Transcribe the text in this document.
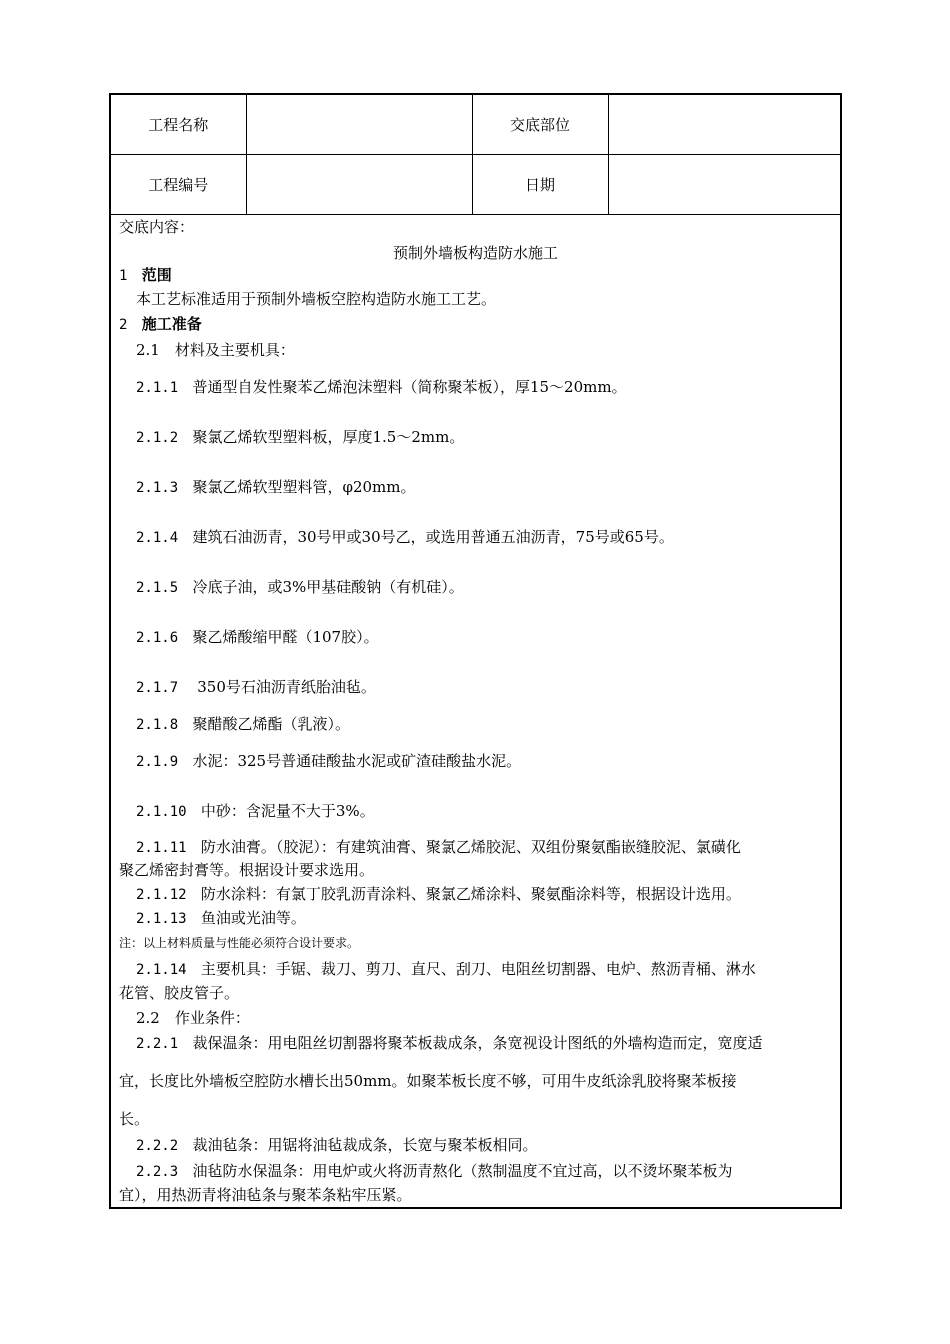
工程名称		交底部位	
工程编号		日期	
交底内容：
预制外墙板构造防水施工
1 范围
本工艺标准适用于预制外墙板空腔构造防水施工工艺。
2 施工准备
2.1　材料及主要机具：
2.1.1 普通型自发性聚苯乙烯泡沫塑料（简称聚苯板），厚15～20mm。
2.1.2 聚氯乙烯软型塑料板，厚度1.5～2mm。
2.1.3 聚氯乙烯软型塑料管，φ20mm。
2.1.4 建筑石油沥青，30号甲或30号乙，或选用普通五油沥青，75号或65号。
2.1.5 冷底子油，或3%甲基硅酸钠（有机硅）。
2.1.6 聚乙烯酸缩甲醛（107胶）。
2.1.7 350号石油沥青纸胎油毡。
2.1.8 聚醋酸乙烯酯（乳液）。
2.1.9 水泥：325号普通硅酸盐水泥或矿渣硅酸盐水泥。
2.1.10 中砂：含泥量不大于3%。
2.1.11 防水油膏。（胶泥）：有建筑油膏、聚氯乙烯胶泥、双组份聚氨酯嵌缝胶泥、氯磺化
聚乙烯密封膏等。根据设计要求选用。
2.1.12 防水涂料：有氯丁胶乳沥青涂料、聚氯乙烯涂料、聚氨酯涂料等，根据设计选用。
2.1.13 鱼油或光油等。
注：以上材料质量与性能必须符合设计要求。
2.1.14 主要机具：手锯、裁刀、剪刀、直尺、刮刀、电阻丝切割器、电炉、熬沥青桶、淋水
花管、胶皮管子。
2.2　作业条件：
2.2.1 裁保温条：用电阻丝切割器将聚苯板裁成条，条宽视设计图纸的外墙构造而定，宽度适
宜，长度比外墙板空腔防水槽长出50mm。如聚苯板长度不够，可用牛皮纸涂乳胶将聚苯板接
长。
2.2.2 裁油毡条：用锯将油毡裁成条，长宽与聚苯板相同。
2.2.3 油毡防水保温条：用电炉或火将沥青熬化（熬制温度不宜过高，以不烫坏聚苯板为
宜），用热沥青将油毡条与聚苯条粘牢压紧。
